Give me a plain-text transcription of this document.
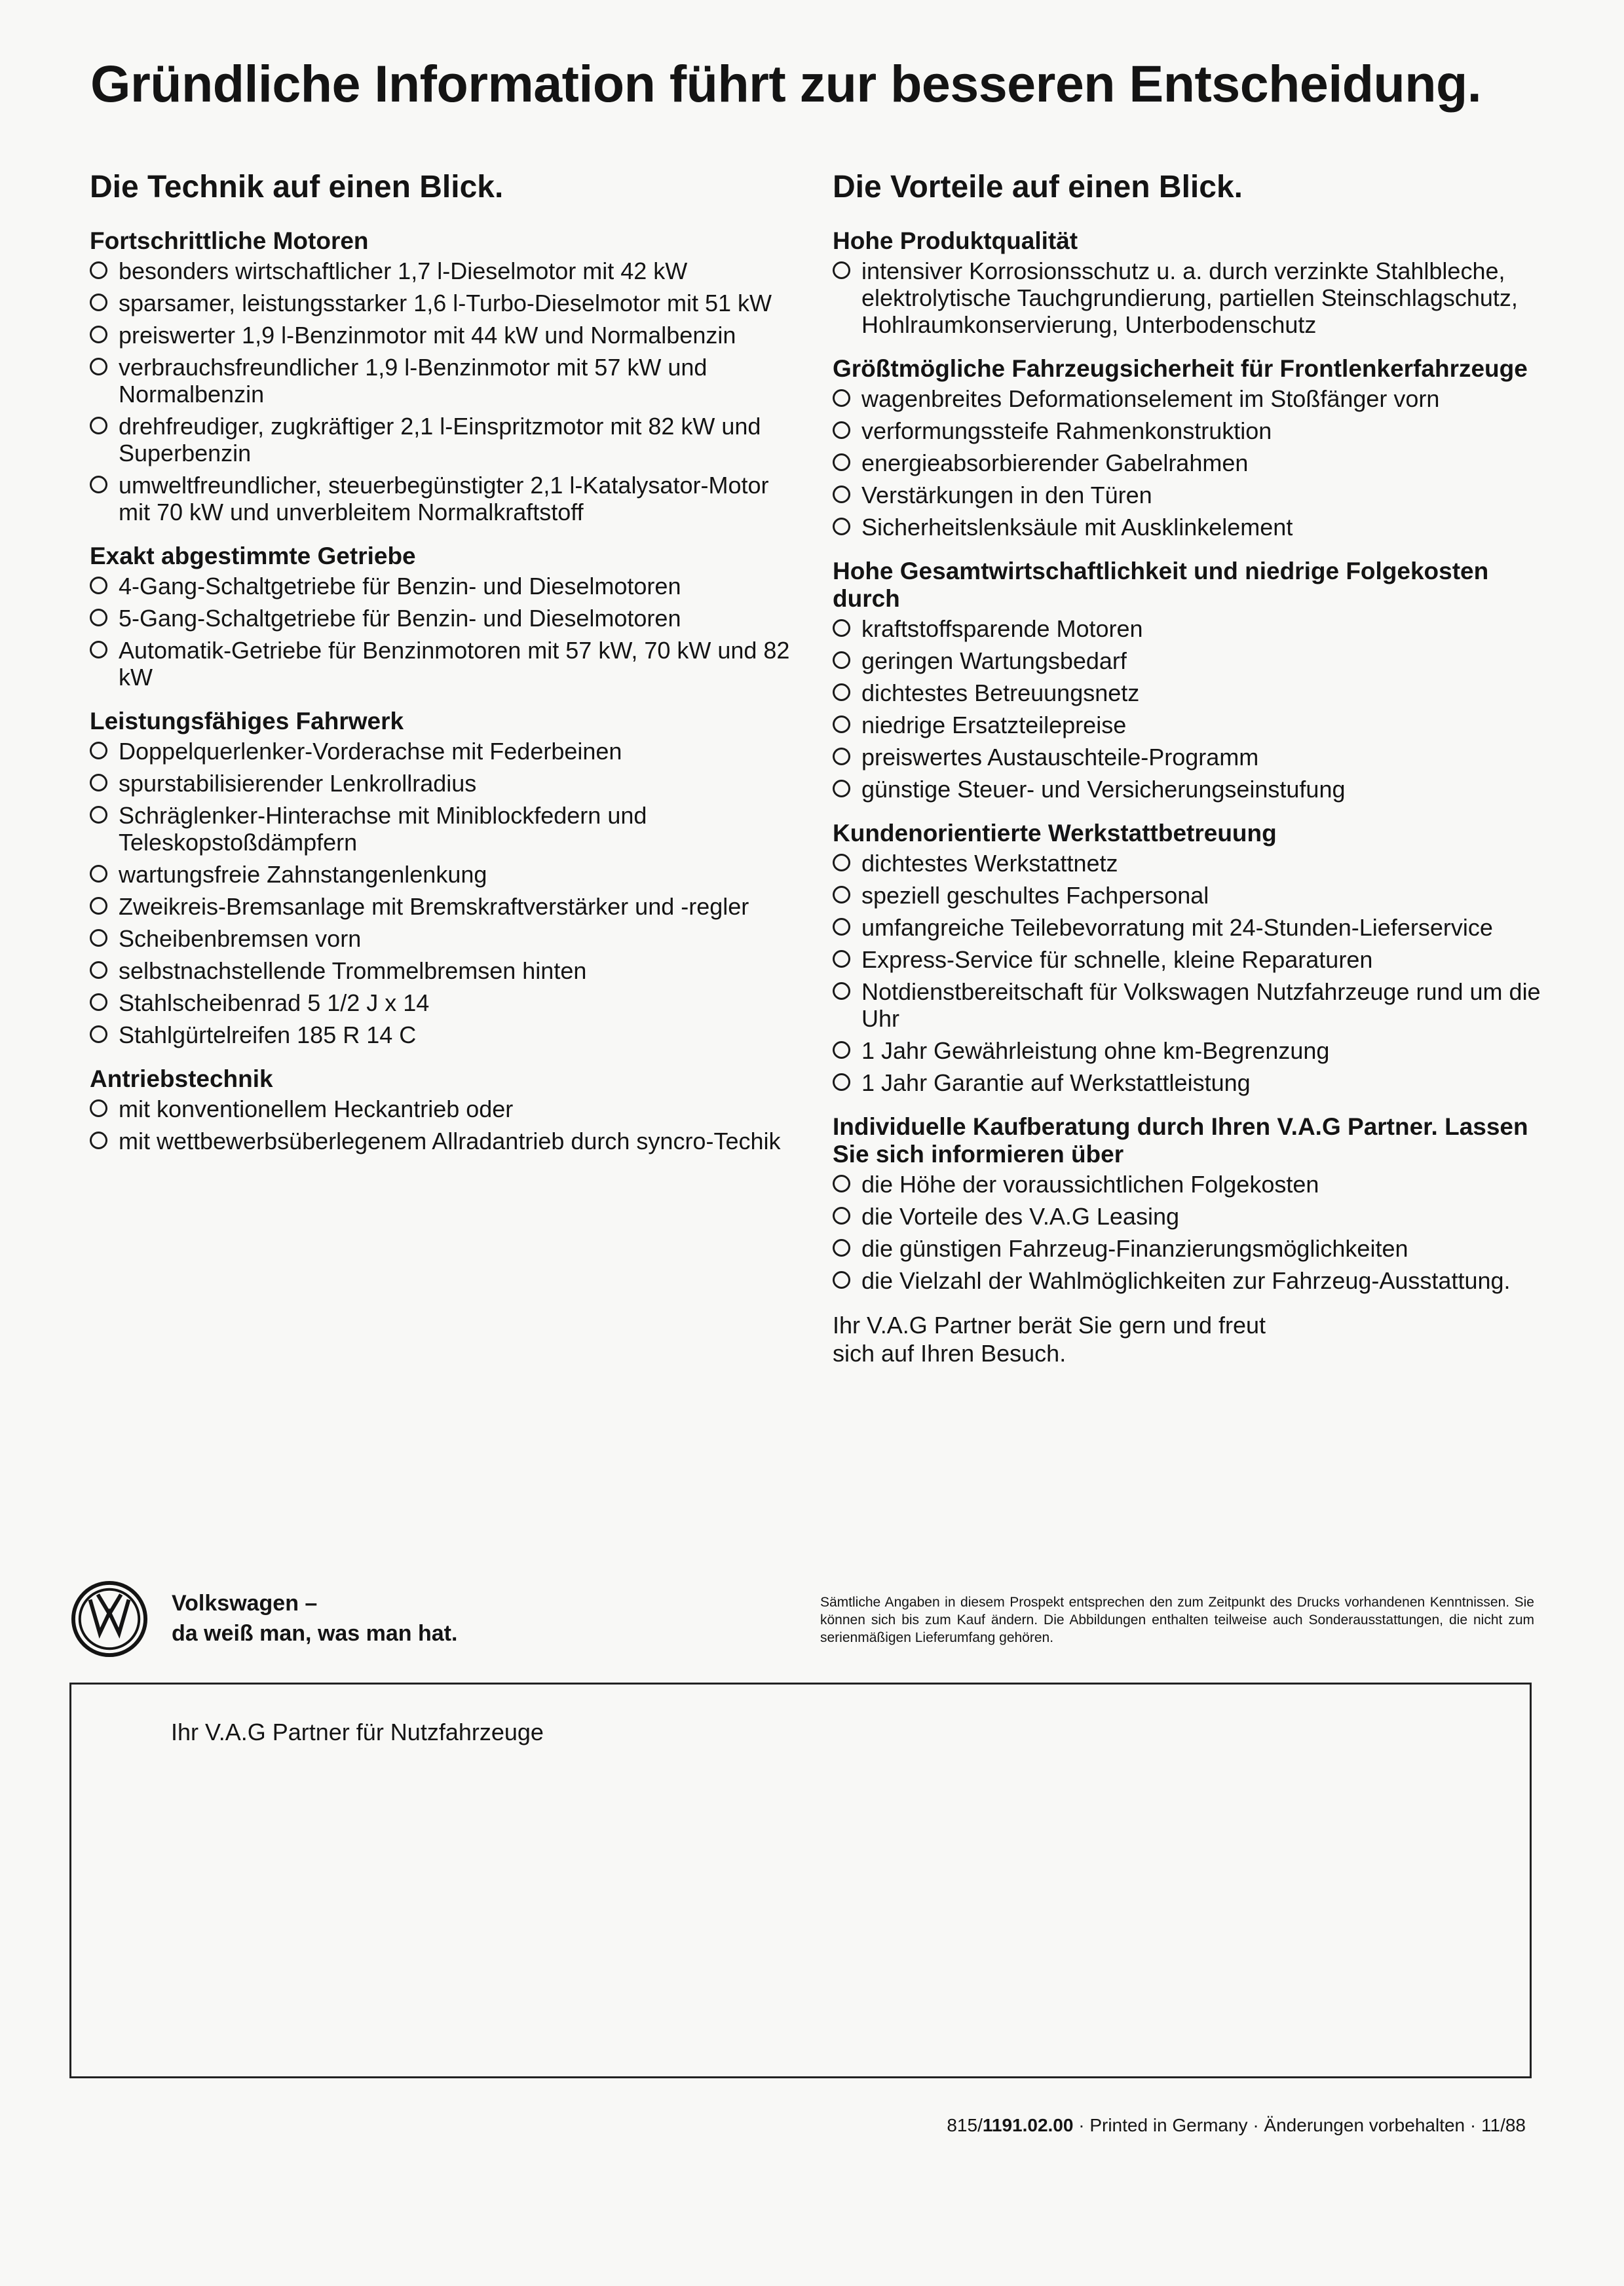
Gründliche Information führt zur besseren Entscheidung.
Die Technik auf einen Blick.
Fortschrittliche Motoren
besonders wirtschaftlicher 1,7 l-Dieselmotor mit 42 kW
sparsamer, leistungsstarker 1,6 l-Turbo-Dieselmotor mit 51 kW
preiswerter 1,9 l-Benzinmotor mit 44 kW und Normalbenzin
verbrauchsfreundlicher 1,9 l-Benzinmotor mit 57 kW und Normalbenzin
drehfreudiger, zugkräftiger 2,1 l-Einspritzmotor mit 82 kW und Superbenzin
umweltfreundlicher, steuerbegünstigter 2,1 l-Katalysator-Motor mit 70 kW und unverbleitem Normalkraftstoff
Exakt abgestimmte Getriebe
4-Gang-Schaltgetriebe für Benzin- und Dieselmotoren
5-Gang-Schaltgetriebe für Benzin- und Dieselmotoren
Automatik-Getriebe für Benzinmotoren mit 57 kW, 70 kW und 82 kW
Leistungsfähiges Fahrwerk
Doppelquerlenker-Vorderachse mit Federbeinen
spurstabilisierender Lenkrollradius
Schräglenker-Hinterachse mit Miniblockfedern und Teleskopstoßdämpfern
wartungsfreie Zahnstangenlenkung
Zweikreis-Bremsanlage mit Bremskraftverstärker und -regler
Scheibenbremsen vorn
selbstnachstellende Trommelbremsen hinten
Stahlscheibenrad 5 1/2 J x 14
Stahlgürtelreifen 185 R 14 C
Antriebstechnik
mit konventionellem Heckantrieb oder
mit wettbewerbsüberlegenem Allradantrieb durch syncro-Techik
Die Vorteile auf einen Blick.
Hohe Produktqualität
intensiver Korrosionsschutz u. a. durch verzinkte Stahlbleche, elektrolytische Tauchgrundierung, partiellen Steinschlagschutz, Hohlraumkonservierung, Unterbodenschutz
Größtmögliche Fahrzeugsicherheit für Frontlenkerfahrzeuge
wagenbreites Deformationselement im Stoßfänger vorn
verformungssteife Rahmenkonstruktion
energieabsorbierender Gabelrahmen
Verstärkungen in den Türen
Sicherheitslenksäule mit Ausklinkelement
Hohe Gesamtwirtschaftlichkeit und niedrige Folgekosten durch
kraftstoffsparende Motoren
geringen Wartungsbedarf
dichtestes Betreuungsnetz
niedrige Ersatzteilepreise
preiswertes Austauschteile-Programm
günstige Steuer- und Versicherungseinstufung
Kundenorientierte Werkstattbetreuung
dichtestes Werkstattnetz
speziell geschultes Fachpersonal
umfangreiche Teilebevorratung mit 24-Stunden-Lieferservice
Express-Service für schnelle, kleine Reparaturen
Notdienstbereitschaft für Volkswagen Nutzfahrzeuge rund um die Uhr
1 Jahr Gewährleistung ohne km-Begrenzung
1 Jahr Garantie auf Werkstattleistung
Individuelle Kaufberatung durch Ihren V.A.G Partner. Lassen Sie sich informieren über
die Höhe der voraussichtlichen Folgekosten
die Vorteile des V.A.G Leasing
die günstigen Fahrzeug-Finanzierungsmöglichkeiten
die Vielzahl der Wahlmöglichkeiten zur Fahrzeug-Ausstattung.

Ihr V.A.G Partner berät Sie gern und freut sich auf Ihren Besuch.

Volkswagen –
da weiß man, was man hat.
Sämtliche Angaben in diesem Prospekt entsprechen den zum Zeitpunkt des Drucks vorhandenen Kenntnissen. Sie können sich bis zum Kauf ändern. Die Abbildungen enthalten teilweise auch Sonderausstattungen, die nicht zum serienmäßigen Lieferumfang gehören.
Ihr V.A.G Partner für Nutzfahrzeuge
815/1191.02.00 · Printed in Germany · Änderungen vorbehalten · 11/88
